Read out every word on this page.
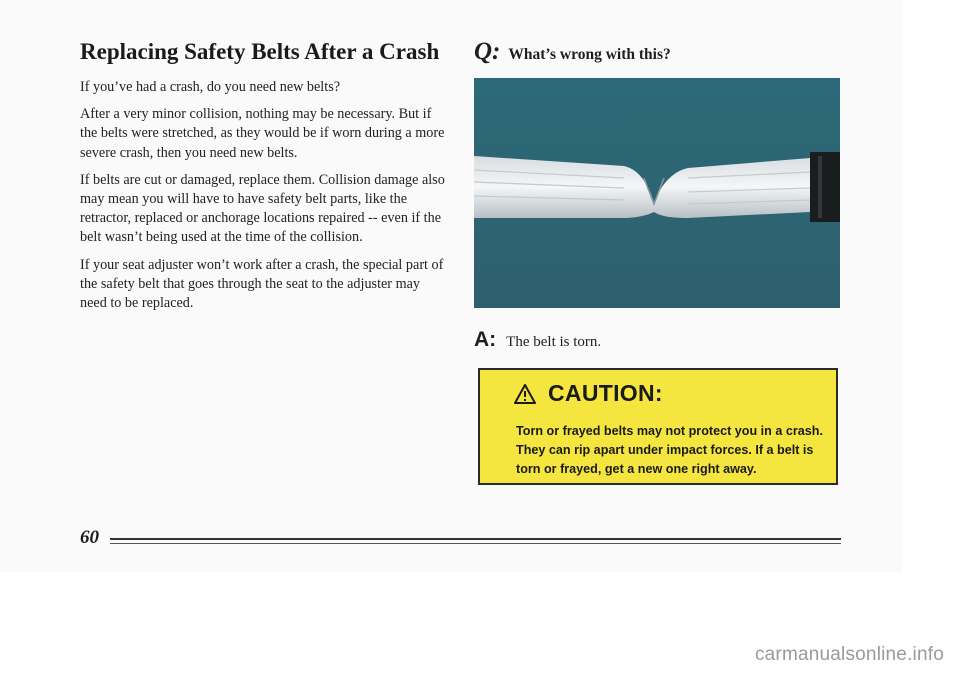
Replacing Safety Belts After a Crash

If you’ve had a crash, do you need new belts?

After a very minor collision, nothing may be necessary. But if the belts were stretched, as they would be if worn during a more severe crash, then you need new belts.

If belts are cut or damaged, replace them. Collision damage also may mean you will have to have safety belt parts, like the retractor, replaced or anchorage locations repaired -- even if the belt wasn’t being used at the time of the collision.

If your seat adjuster won’t work after a crash, the special part of the safety belt that goes through the seat to the adjuster may need to be replaced.

Q: What’s wrong with this?
A: The belt is torn.
CAUTION:
Torn or frayed belts may not protect you in a crash. They can rip apart under impact forces. If a belt is torn or frayed, get a new one right away.
60
carmanualsonline.info
